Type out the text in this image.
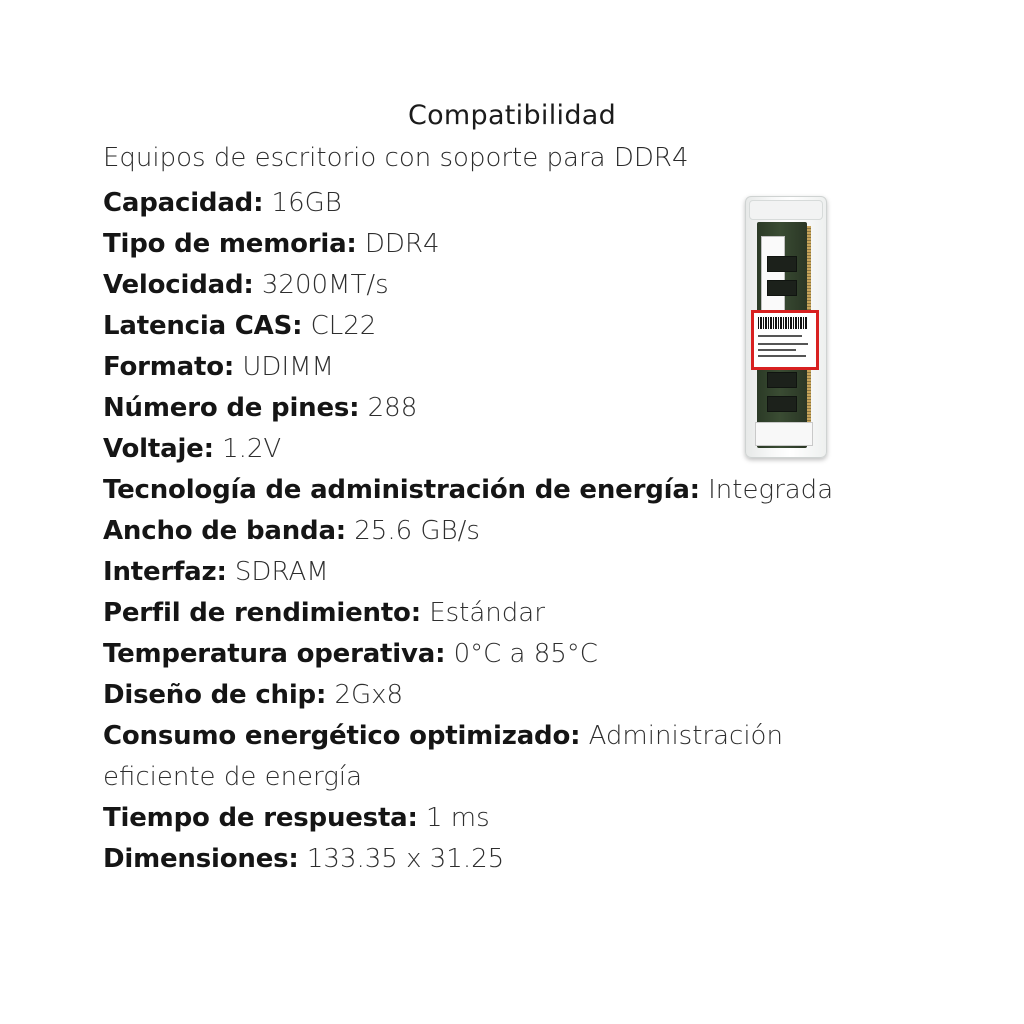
Compatibilidad
Equipos de escritorio con soporte para DDR4
Capacidad: 16GB
Tipo de memoria: DDR4
Velocidad: 3200MT/s
Latencia CAS: CL22
Formato: UDIMM
Número de pines: 288
Voltaje: 1.2V
Tecnología de administración de energía: Integrada
Ancho de banda: 25.6 GB/s
Interfaz: SDRAM
Perfil de rendimiento: Estándar
Temperatura operativa: 0°C a 85°C
Diseño de chip: 2Gx8
Consumo energético optimizado: Administración eficiente de energía
Tiempo de respuesta: 1 ms
Dimensiones: 133.35 x 31.25
